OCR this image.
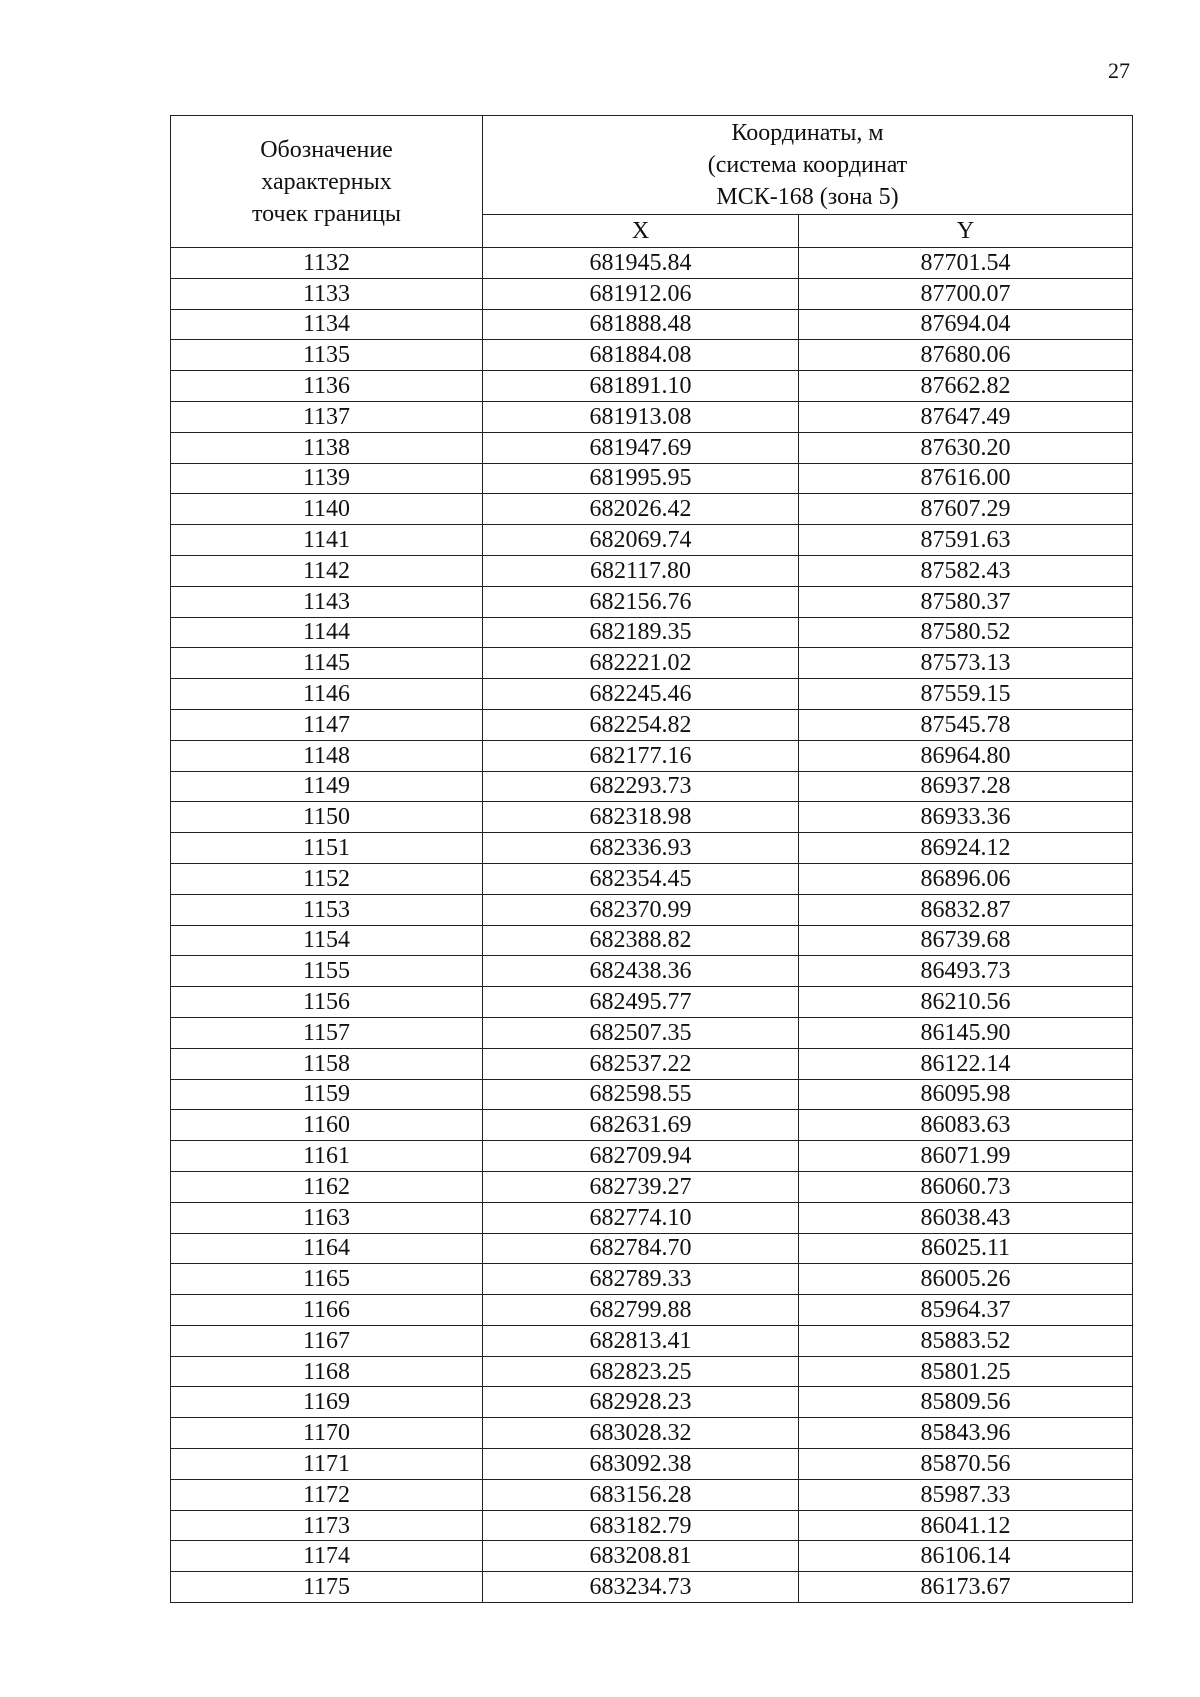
27
Обозначение
характерных
точек границы	Координаты, м
(система координат
МСК-168 (зона 5)	

	X	Y
1132	681945.84	87701.54
1133	681912.06	87700.07
1134	681888.48	87694.04
1135	681884.08	87680.06
1136	681891.10	87662.82
1137	681913.08	87647.49
1138	681947.69	87630.20
1139	681995.95	87616.00
1140	682026.42	87607.29
1141	682069.74	87591.63
1142	682117.80	87582.43
1143	682156.76	87580.37
1144	682189.35	87580.52
1145	682221.02	87573.13
1146	682245.46	87559.15
1147	682254.82	87545.78
1148	682177.16	86964.80
1149	682293.73	86937.28
1150	682318.98	86933.36
1151	682336.93	86924.12
1152	682354.45	86896.06
1153	682370.99	86832.87
1154	682388.82	86739.68
1155	682438.36	86493.73
1156	682495.77	86210.56
1157	682507.35	86145.90
1158	682537.22	86122.14
1159	682598.55	86095.98
1160	682631.69	86083.63
1161	682709.94	86071.99
1162	682739.27	86060.73
1163	682774.10	86038.43
1164	682784.70	86025.11
1165	682789.33	86005.26
1166	682799.88	85964.37
1167	682813.41	85883.52
1168	682823.25	85801.25
1169	682928.23	85809.56
1170	683028.32	85843.96
1171	683092.38	85870.56
1172	683156.28	85987.33
1173	683182.79	86041.12
1174	683208.81	86106.14
1175	683234.73	86173.67
